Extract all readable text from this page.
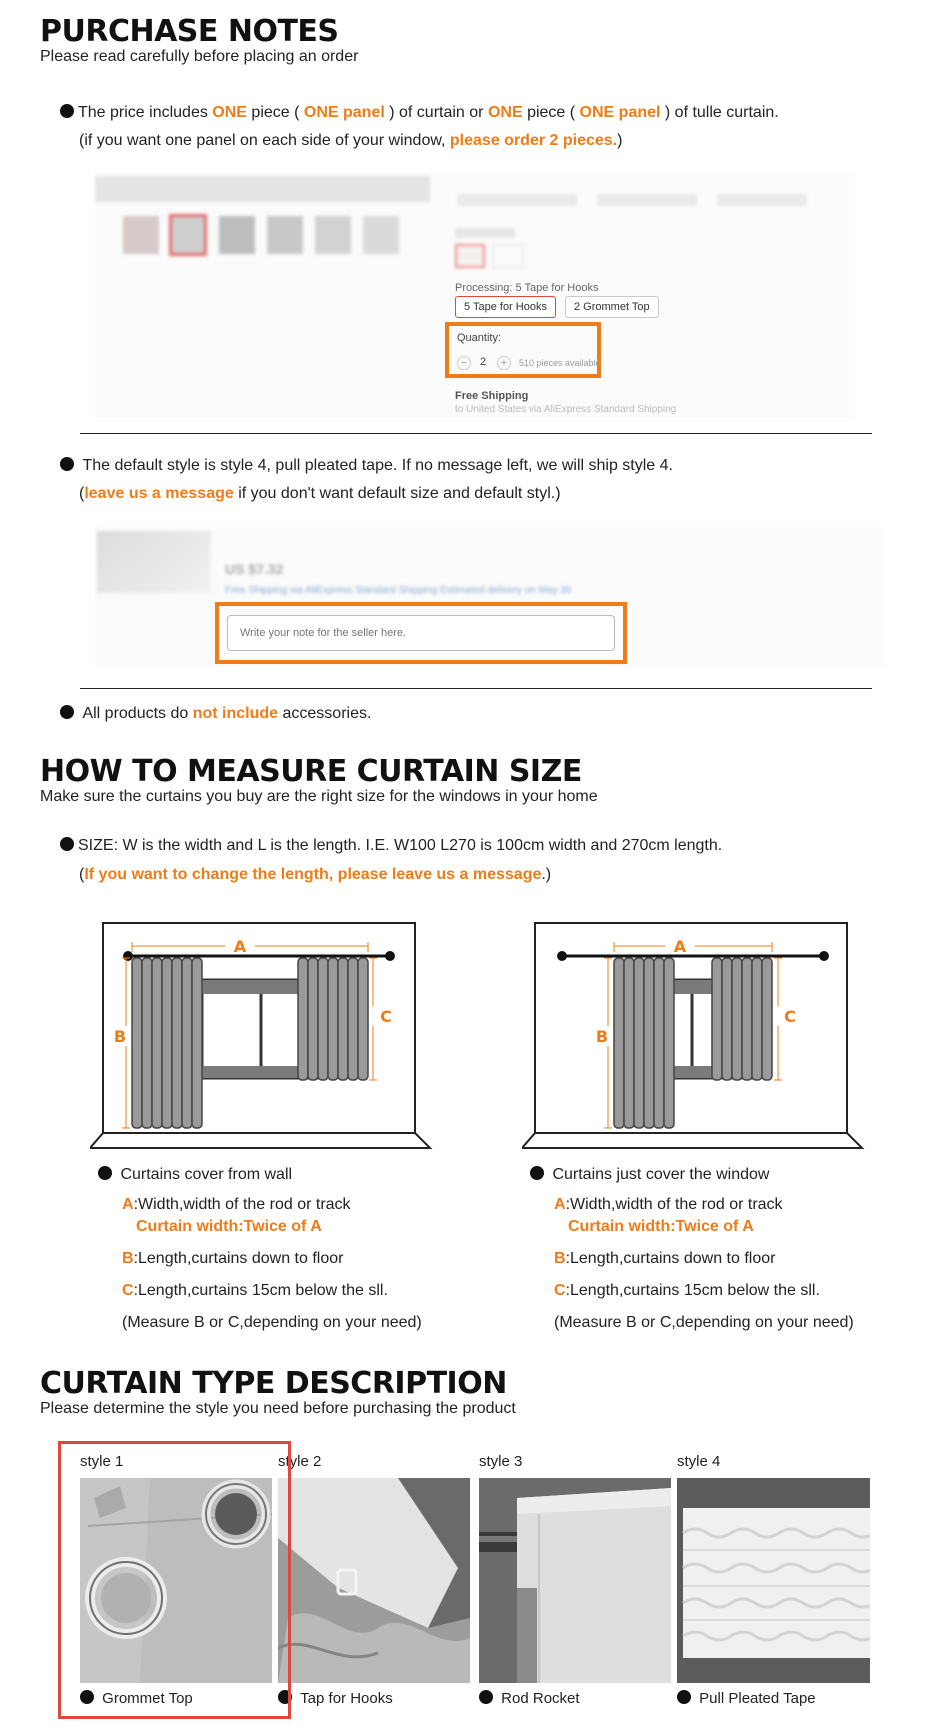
PURCHASE NOTES
Please read carefully before placing an order
The price includes ONE piece ( ONE panel ) of curtain or ONE piece ( ONE panel ) of tulle curtain.
(if you want one panel on each side of your window, please order 2 pieces.)
Processing: 5 Tape for Hooks
5 Tape for Hooks	2 Grommet Top
Quantity:
−	2	+	510 pieces available
Free Shipping
to United States via AliExpress Standard Shipping
The default style is style 4, pull pleated tape. If no message left, we will ship style 4.
(leave us a message if you don't want default size and default styl.)
US $7.32
Free Shipping via AliExpress Standard Shipping Estimated delivery on May 30
Write your note for the seller here.
All products do not include accessories.
HOW TO MEASURE CURTAIN SIZE
Make sure the curtains you buy are the right size for the windows in your home
SIZE: W is the width and L is the length. I.E. W100 L270 is 100cm width and 270cm length.
(If you want to change the length, please leave us a message.)
A
B
C
A
B
C
Curtains cover from wall
A:Width,width of the rod or track
Curtain width:Twice of A
B:Length,curtains down to floor
C:Length,curtains 15cm below the sll.
(Measure B or C,depending on your need)
Curtains just cover the window
A:Width,width of the rod or track
Curtain width:Twice of A
B:Length,curtains down to floor
C:Length,curtains 15cm below the sll.
(Measure B or C,depending on your need)
CURTAIN TYPE DESCRIPTION
Please determine the style you need before purchasing the product
style 1	style 2	style 3	style 4
Grommet Top	Tap for Hooks	Rod Rocket	Pull Pleated Tape
